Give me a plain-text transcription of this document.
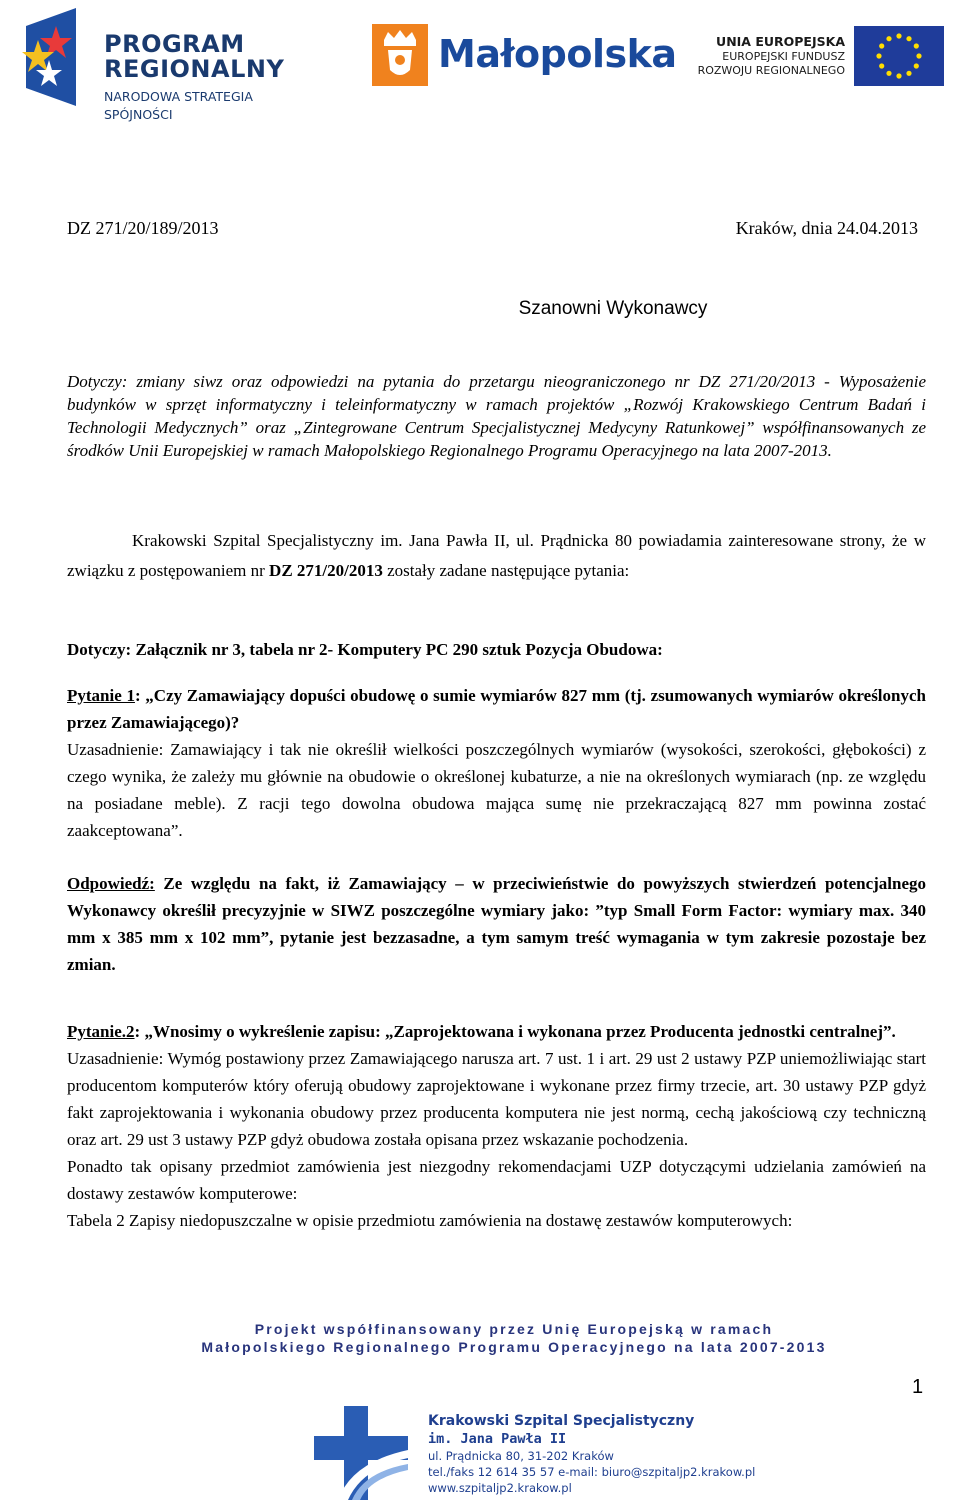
PROGRAM
REGIONALNY
NARODOWA STRATEGIA SPÓJNOŚCI
Małopolska	UNIA EUROPEJSKA
EUROPEJSKI FUNDUSZ
ROZWOJU REGIONALNEGO
DZ 271/20/189/2013	Kraków, dnia 24.04.2013
Szanowni Wykonawcy
Dotyczy: zmiany siwz oraz odpowiedzi na pytania do przetargu nieograniczonego nr DZ 271/20/2013 - Wyposażenie budynków w sprzęt informatyczny i teleinformatyczny w ramach projektów „Rozwój Krakowskiego Centrum Badań i Technologii Medycznych” oraz „Zintegrowane Centrum Specjalistycznej Medycyny Ratunkowej” współfinansowanych ze środków Unii Europejskiej w ramach Małopolskiego Regionalnego Programu Operacyjnego na lata 2007-2013.
Krakowski Szpital Specjalistyczny im. Jana Pawła II, ul. Prądnicka 80 powiadamia zainteresowane strony, że w związku z postępowaniem nr DZ 271/20/2013 zostały zadane następujące pytania:
Dotyczy: Załącznik nr 3, tabela nr 2- Komputery PC 290 sztuk Pozycja Obudowa:

Pytanie 1: „Czy Zamawiający dopuści obudowę o sumie wymiarów 827 mm (tj. zsumowanych wymiarów określonych przez Zamawiającego)?

Uzasadnienie: Zamawiający i tak nie określił wielkości poszczególnych wymiarów (wysokości, szerokości, głębokości) z czego wynika, że zależy mu głównie na obudowie o określonej kubaturze, a nie na określonych wymiarach (np. ze względu na posiadane meble). Z racji tego dowolna obudowa mająca sumę nie przekraczającą 827 mm powinna zostać zaakceptowana”.

Odpowiedź: Ze względu na fakt, iż Zamawiający – w przeciwieństwie do powyższych stwierdzeń potencjalnego Wykonawcy określił precyzyjnie w SIWZ poszczególne wymiary jako: ”typ Small Form Factor: wymiary max. 340 mm x 385 mm x 102 mm”, pytanie jest bezzasadne, a tym samym treść wymagania w tym zakresie pozostaje bez zmian.

Pytanie.2: „Wnosimy o wykreślenie zapisu: „Zaprojektowana i wykonana przez Producenta jednostki centralnej”.

Uzasadnienie: Wymóg postawiony przez Zamawiającego narusza art. 7 ust. 1 i art. 29 ust 2 ustawy PZP uniemożliwiając start producentom komputerów który oferują obudowy zaprojektowane i wykonane przez firmy trzecie, art. 30 ustawy PZP gdyż fakt zaprojektowania i wykonania obudowy przez producenta komputera nie jest normą, cechą jakościową czy techniczną oraz art. 29 ust 3 ustawy PZP gdyż obudowa została opisana przez wskazanie pochodzenia.

Ponadto tak opisany przedmiot zamówienia jest niezgodny rekomendacjami UZP dotyczącymi udzielania zamówień na dostawy zestawów komputerowe:

Tabela 2 Zapisy niedopuszczalne w opisie przedmiotu zamówienia na dostawę zestawów komputerowych:

Projekt współfinansowany przez Unię Europejską w ramach
Małopolskiego Regionalnego Programu Operacyjnego na lata 2007-2013
1
Krakowski Szpital Specjalistyczny
im. Jana Pawła II
ul. Prądnicka 80, 31-202 Kraków
tel./faks 12 614 35 57 e-mail: biuro@szpitaljp2.krakow.pl
www.szpitaljp2.krakow.pl
